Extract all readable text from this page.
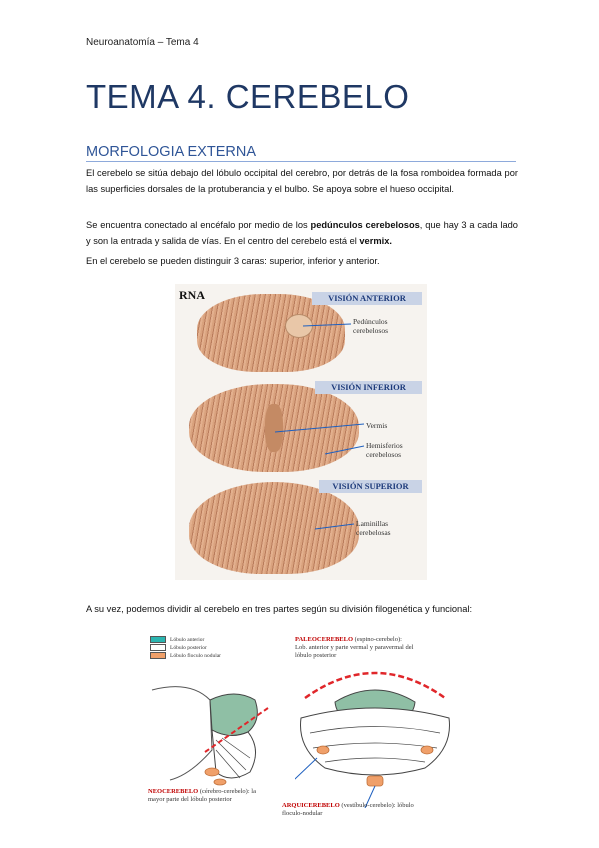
Neuroanatomía – Tema 4
TEMA 4. CEREBELO
MORFOLOGIA EXTERNA
El cerebelo se sitúa debajo del lóbulo occipital del cerebro, por detrás de la fosa romboidea formada por las superficies dorsales de la protuberancia y el bulbo. Se apoya sobre el hueso occipital.
Se encuentra conectado al encéfalo por medio de los pedúnculos cerebelosos, que hay 3 a cada lado y son la entrada y salida de vías. En el centro del cerebelo está el vermix.
En el cerebelo se pueden distinguir 3 caras: superior, inferior y anterior.
RNA	VISIÓN ANTERIOR
Pedúnculos
cerebelosos
VISIÓN INFERIOR
Vermis
Hemisferios
cerebelosos
VISIÓN SUPERIOR
Laminillas
cerebelosas
A su vez, podemos dividir al cerebelo en tres partes según su división filogenética y funcional:
Lóbulo anterior
Lóbulo posterior
Lóbulo floculo nodular
PALEOCEREBELO (espino-cerebelo):
Lob. anterior y parte vermal y paravermal del
lóbulo posterior
NEOCEREBELO (cérebro-cerebelo): la
mayor parte del lóbulo posterior
ARQUICEREBELO (vestíbulo-cerebelo): lóbulo
floculo-nodular
